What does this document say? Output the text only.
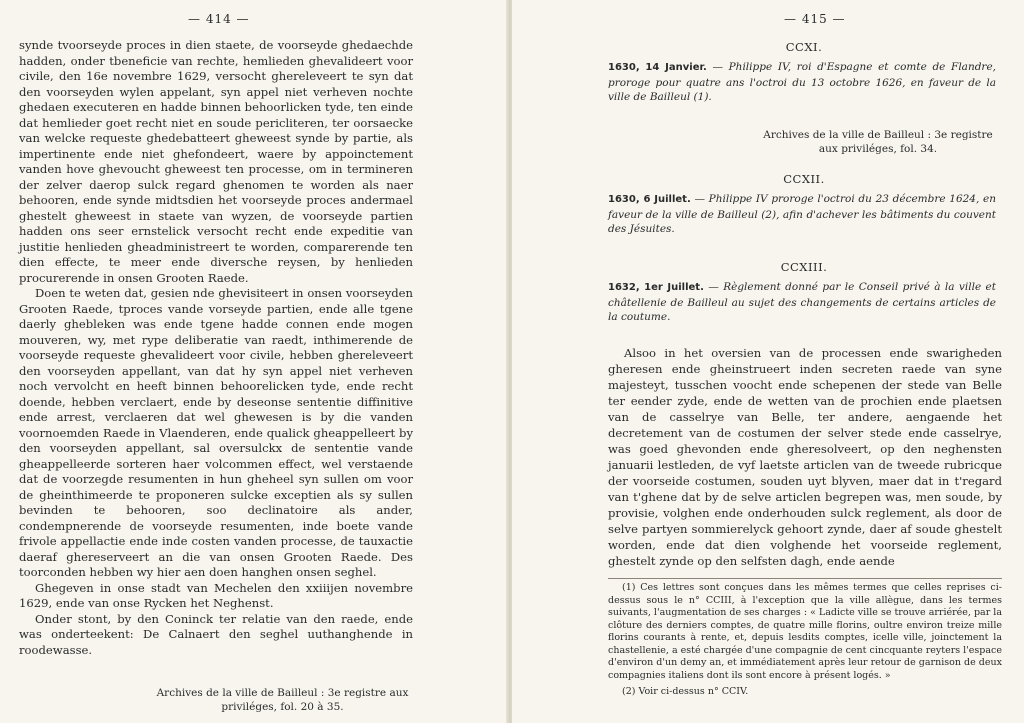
— 414 —

synde tvoorseyde proces in dien staete, de voorseyde ghedaechde hadden, onder tbeneficie van rechte, hemlieden ghevalideert voor civile, den 16e novembre 1629, versocht ghereleveert te syn dat den voorseyden wylen appelant, syn appel niet verheven nochte ghedaen executeren en hadde binnen behoorlicken tyde, ten einde dat hemlieder goet recht niet en soude pericliteren, ter oorsaecke van welcke requeste ghedebatteert gheweest synde by partie, als impertinente ende niet ghefondeert, waere by appoinctement vanden hove ghevoucht gheweest ten processe, om in termineren der zelver daerop sulck regard ghenomen te worden als naer behooren, ende synde midtsdien het voorseyde proces andermael ghestelt gheweest in staete van wyzen, de voorseyde partien hadden ons seer ernstelick versocht recht ende expeditie van justitie henlieden gheadministreert te worden, comparerende ten dien effecte, te meer ende diversche reysen, by henlieden procurerende in onsen Grooten Raede.

Doen te weten dat, gesien nde ghevisiteert in onsen voorseyden Grooten Raede, tproces vande vorseyde partien, ende alle tgene daerly ghebleken was ende tgene hadde connen ende mogen mouveren, wy, met rype deliberatie van raedt, inthimerende de voorseyde requeste ghevalideert voor civile, hebben ghereleveert den voorseyden appellant, van dat hy syn appel niet verheven noch vervolcht en heeft binnen behoorelicken tyde, ende recht doende, hebben verclaert, ende by deseonse sententie diffinitive ende arrest, verclaeren dat wel ghewesen is by die vanden voornoemden Raede in Vlaenderen, ende qualick gheappelleert by den voorseyden appellant, sal oversulckx de sententie vande gheappelleerde sorteren haer volcommen effect, wel verstaende dat de voorzegde resumenten in hun gheheel syn sullen om voor de gheinthimeerde te proponeren sulcke exceptien als sy sullen bevinden te behooren, soo declinatoire als ander, condempnerende de voorseyde resumenten, inde boete vande frivole appellactie ende inde costen vanden processe, de tauxactie daeraf ghereserveert an die van onsen Grooten Raede. Des toorconden hebben wy hier aen doen hanghen onsen seghel.

Ghegeven in onse stadt van Mechelen den xxiiijen novembre 1629, ende van onse Rycken het Neghenst.

Onder stont, by den Coninck ter relatie van den raede, ende was onderteekent: De Calnaert den seghel uuthanghende in roodewasse.

Archives de la ville de Bailleul : 3e registre aux priviléges, fol. 20 à 35.
— 415 —
CCXI.
1630, 14 Janvier. — Philippe IV, roi d'Espagne et comte de Flandre, proroge pour quatre ans l'octroi du 13 octobre 1626, en faveur de la ville de Bailleul (1).
Archives de la ville de Bailleul : 3e registre aux priviléges, fol. 34.
CCXII.
1630, 6 Juillet. — Philippe IV proroge l'octroi du 23 décembre 1624, en faveur de la ville de Bailleul (2), afin d'achever les bâtiments du couvent des Jésuites.
CCXIII.
1632, 1er Juillet. — Règlement donné par le Conseil privé à la ville et châtellenie de Bailleul au sujet des changements de certains articles de la coutume.

Alsoo in het oversien van de processen ende swarigheden gheresen ende gheinstrueert inden secreten raede van syne majesteyt, tusschen voocht ende schepenen der stede van Belle ter eender zyde, ende de wetten van de prochien ende plaetsen van de casselrye van Belle, ter andere, aengaende het decretement van de costumen der selver stede ende casselrye, was goed ghevonden ende gheresolveert, op den neghensten januarii lestleden, de vyf laetste articlen van de tweede rubricque der voorseide costumen, souden uyt blyven, maer dat in t'regard van t'ghene dat by de selve articlen begrepen was, men soude, by provisie, volghen ende onderhouden sulck reglement, als door de selve partyen sommierelyck gehoort zynde, daer af soude ghestelt worden, ende dat dien volghende het voorseide reglement, ghestelt zynde op den selfsten dagh, ende aende

(1) Ces lettres sont conçues dans les mêmes termes que celles reprises ci-dessus sous le n° CCIII, à l'exception que la ville allègue, dans les termes suivants, l'augmentation de ses charges : « Ladicte ville se trouve arriérée, par la clôture des derniers comptes, de quatre mille florins, oultre environ treize mille florins courants à rente, et, depuis lesdits comptes, icelle ville, joinctement la chastellenie, a esté chargée d'une compagnie de cent cincquante reyters l'espace d'environ d'un demy an, et immédiatement après leur retour de garnison de deux compagnies italiens dont ils sont encore à présent logés. »

(2) Voir ci-dessus n° CCIV.
